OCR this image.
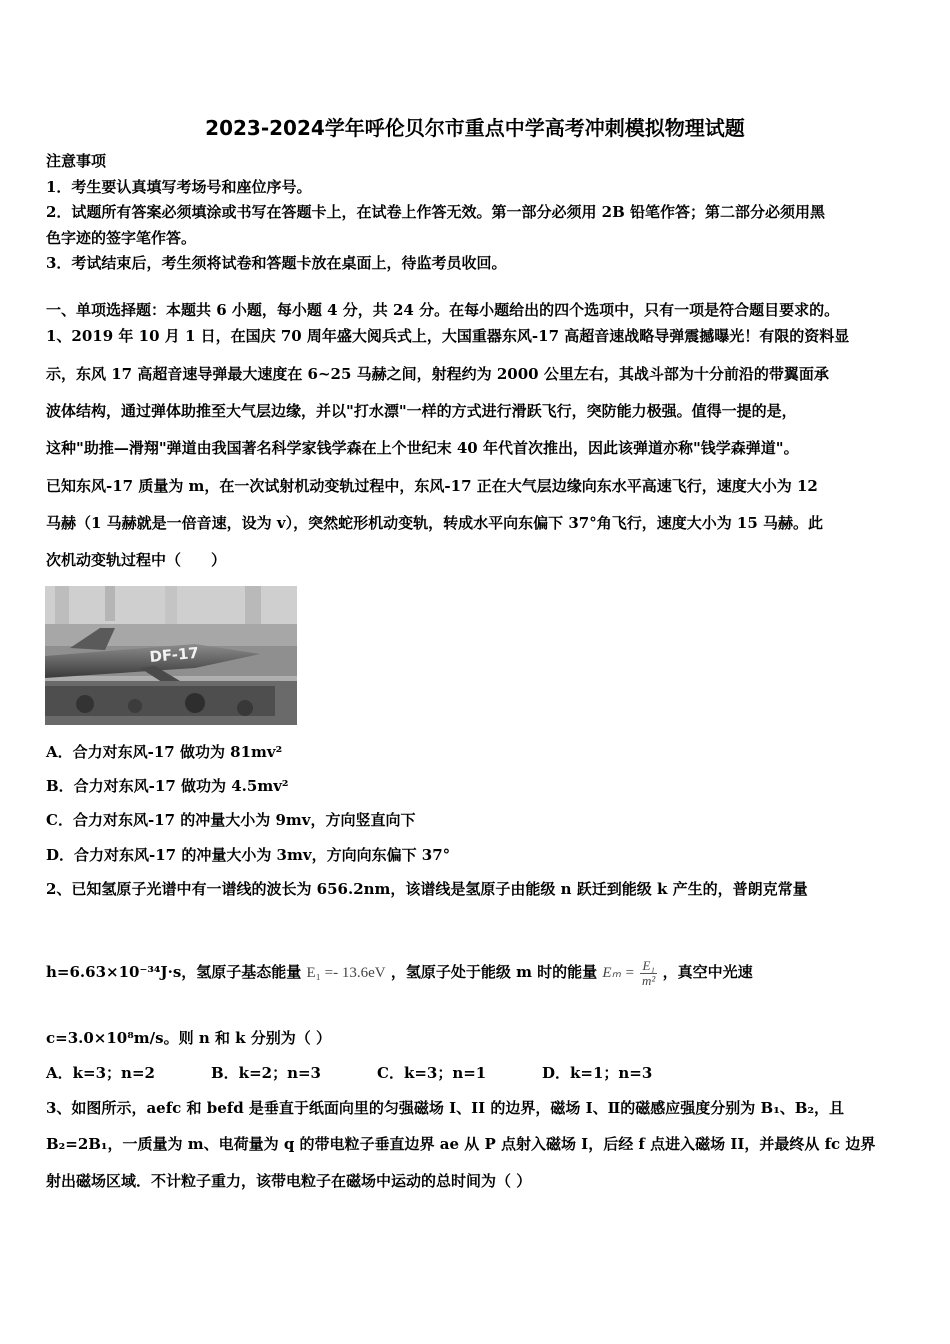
2023-2024学年呼伦贝尔市重点中学高考冲刺模拟物理试题
注意事项
1．考生要认真填写考场号和座位序号。
2．试题所有答案必须填涂或书写在答题卡上，在试卷上作答无效。第一部分必须用 2B 铅笔作答；第二部分必须用黑
色字迹的签字笔作答。
3．考试结束后，考生须将试卷和答题卡放在桌面上，待监考员收回。
一、单项选择题：本题共 6 小题，每小题 4 分，共 24 分。在每小题给出的四个选项中，只有一项是符合题目要求的。
1、2019 年 10 月 1 日，在国庆 70 周年盛大阅兵式上，大国重器东风-17 高超音速战略导弹震撼曝光！有限的资料显
示，东风 17 高超音速导弹最大速度在 6~25 马赫之间，射程约为 2000 公里左右，其战斗部为十分前沿的带翼面承
波体结构，通过弹体助推至大气层边缘，并以"打水漂"一样的方式进行滑跃飞行，突防能力极强。值得一提的是，
这种"助推—滑翔"弹道由我国著名科学家钱学森在上个世纪末 40 年代首次推出，因此该弹道亦称"钱学森弹道"。
已知东风-17 质量为 m，在一次试射机动变轨过程中，东风-17 正在大气层边缘向东水平高速飞行，速度大小为 12
马赫（1 马赫就是一倍音速，设为 v），突然蛇形机动变轨，转成水平向东偏下 37°角飞行，速度大小为 15 马赫。此
次机动变轨过程中（　　）
DF-17
A．合力对东风-17 做功为 81mv²
B．合力对东风-17 做功为 4.5mv²
C．合力对东风-17 的冲量大小为 9mv，方向竖直向下
D．合力对东风-17 的冲量大小为 3mv，方向向东偏下 37°
2、已知氢原子光谱中有一谱线的波长为 656.2nm，该谱线是氢原子由能级 n 跃迁到能级 k 产生的，普朗克常量
h=6.63×10⁻³⁴J·s，氢原子基态能量 E₁ =- 13.6eV ，氢原子处于能级 m 时的能量 $E_m = \frac{\text{E₁}}{\text{m²}}$ ，真空中光速
c=3.0×10⁸m/s。则 n 和 k 分别为（ ）
A．k=3；n=2	B．k=2；n=3	C．k=3；n=1	D．k=1；n=3
3、如图所示，aefc 和 befd 是垂直于纸面向里的匀强磁场 I、II 的边界，磁场 I、Ⅱ的磁感应强度分别为 B₁、B₂，且
B₂=2B₁，一质量为 m、电荷量为 q 的带电粒子垂直边界 ae 从 P 点射入磁场 I，后经 f 点进入磁场 II，并最终从 fc 边界
射出磁场区域．不计粒子重力，该带电粒子在磁场中运动的总时间为（ ）
